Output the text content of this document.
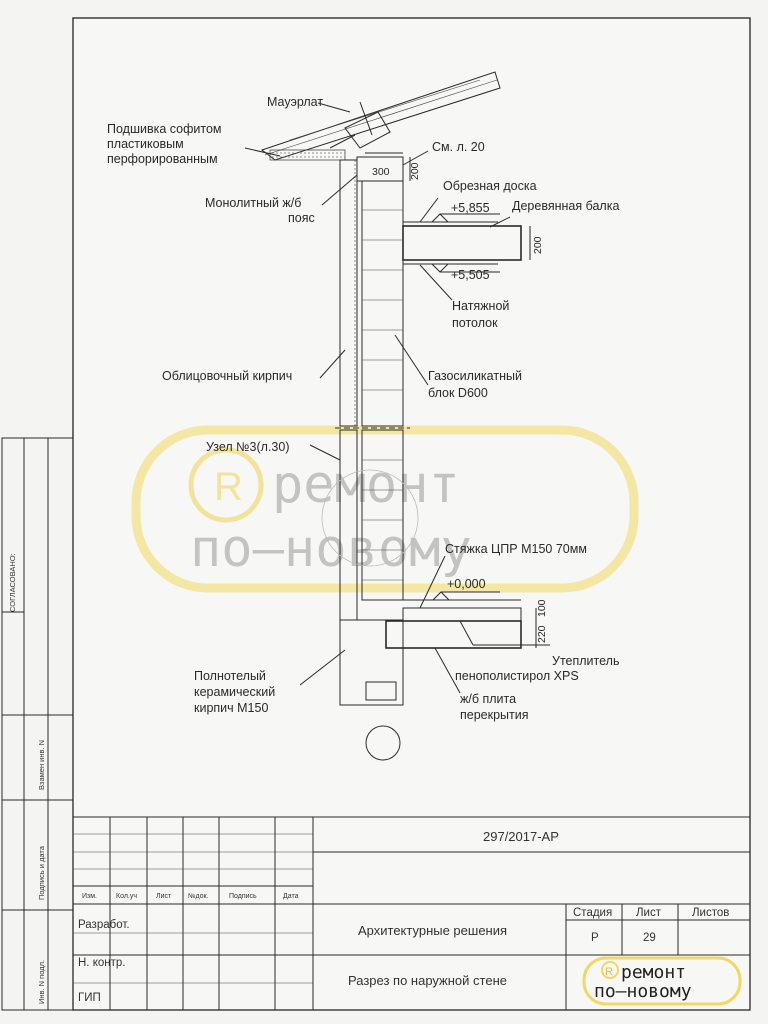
СОГЛАСОВАНО:
Взамен инв. N
Подпись и дата
Инв. N подл.
R ремонт
по—новому
Мауэрлат
Подшивка софитом
пластиковым
перфорированным
См. л. 20
Монолитный ж/б
пояс
Обрезная доска
Деревянная балка
Натяжной
потолок
Облицовочный кирпич	Газосиликатный
блок D600
Узел №3(л.30)
Стяжка ЦПР М150 70мм
Полнотелый
керамический
кирпич М150
Утеплитель
пенополистирол XPS
ж/б плита
перекрытия
+5,855
+5,505
+0,000
300 200
200
220
100
297/2017-АР
Изм.	Кол.уч	Лист №док.	Подпись	Дата
Разработ.
Н. контр.
ГИП
Архитектурные решения
Разрез по наружной стене
Стадия Лист	Листов
Р	29
R ремонт
по—новому
